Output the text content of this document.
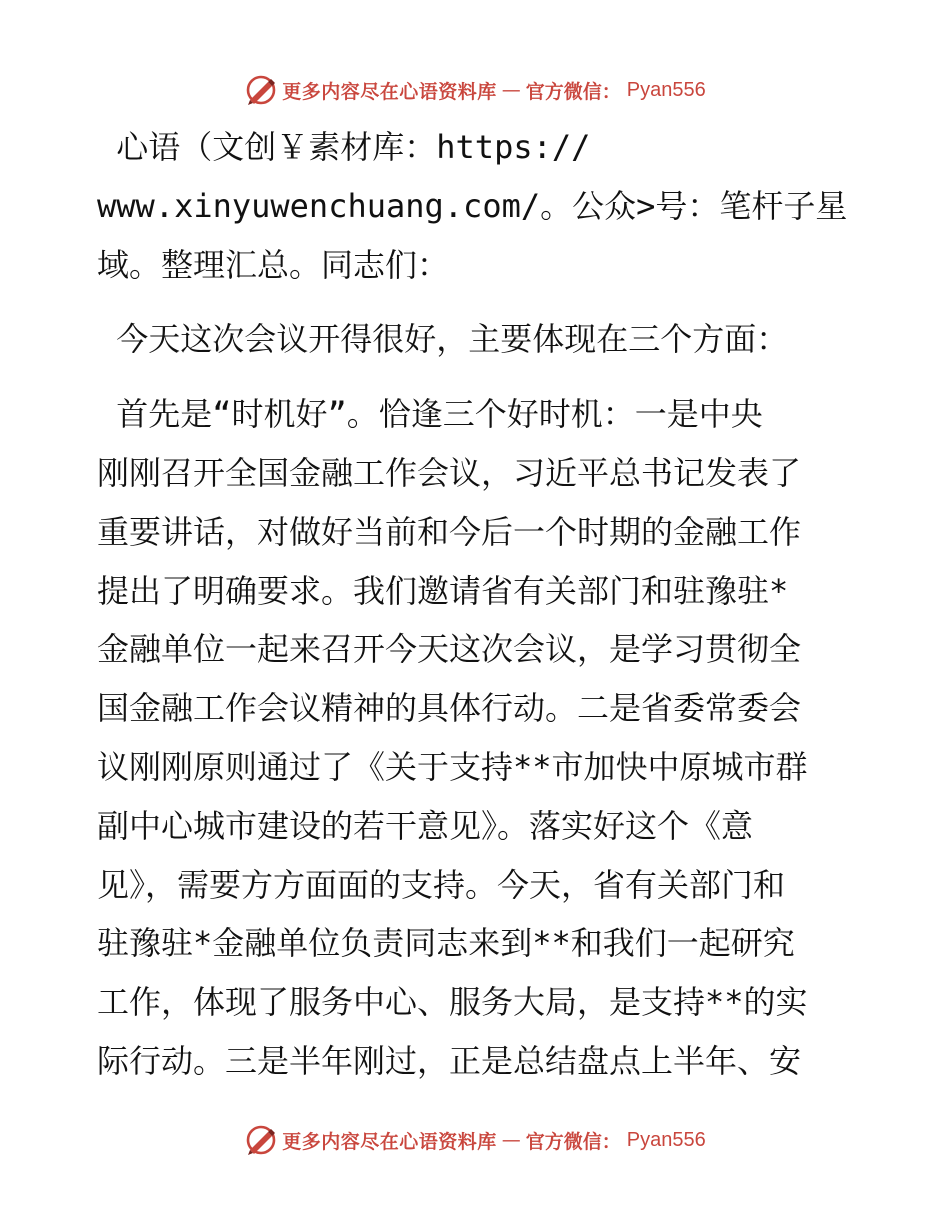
更多内容尽在心语资料库 — 官方微信： Pyan556
心语（文创￥素材库：https://
www.xinyuwenchuang.com/。公众>号：笔杆子星
域。整理汇总。同志们：
今天这次会议开得很好，主要体现在三个方面：
首先是“时机好”。恰逢三个好时机：一是中央
刚刚召开全国金融工作会议，习近平总书记发表了
重要讲话，对做好当前和今后一个时期的金融工作
提出了明确要求。我们邀请省有关部门和驻豫驻*
金融单位一起来召开今天这次会议，是学习贯彻全
国金融工作会议精神的具体行动。二是省委常委会
议刚刚原则通过了《关于支持**市加快中原城市群
副中心城市建设的若干意见》。落实好这个《意
见》，需要方方面面的支持。今天，省有关部门和
驻豫驻*金融单位负责同志来到**和我们一起研究
工作，体现了服务中心、服务大局，是支持**的实
际行动。三是半年刚过，正是总结盘点上半年、安
更多内容尽在心语资料库 — 官方微信： Pyan556
